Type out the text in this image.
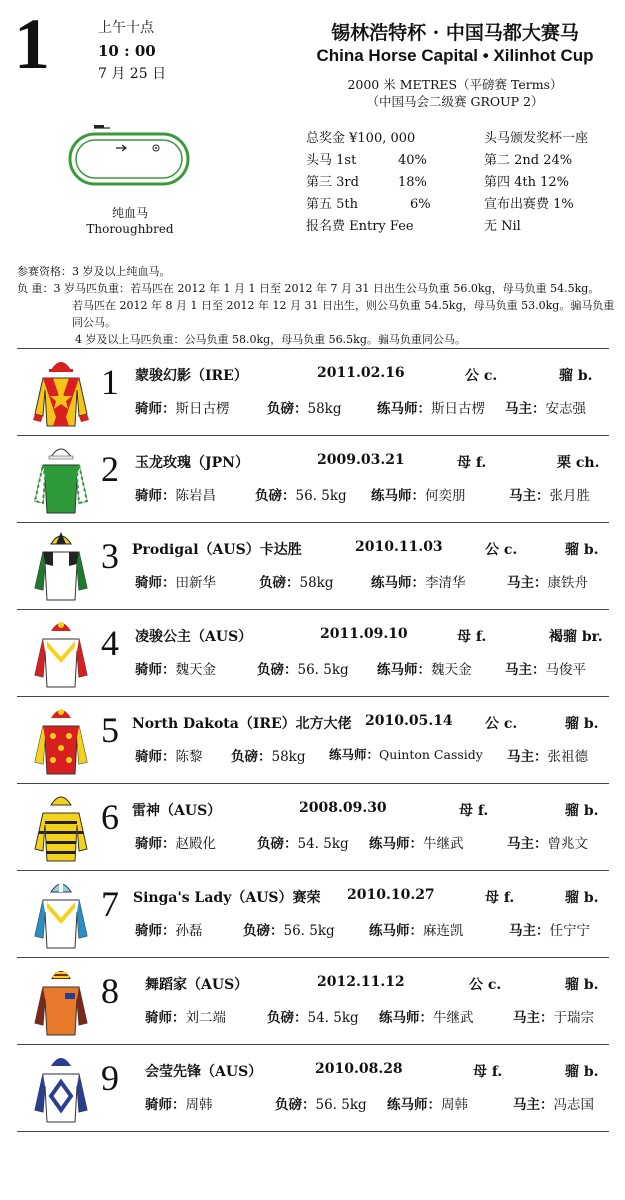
1	上午十点
10 : 00
7 月 25 日
锡林浩特杯 · 中国马都大赛马
China Horse Capital • Xilinhot Cup
2000 米 METRES（平磅赛 Terms）
（中国马会二级赛 GROUP 2）
纯血马
Thoroughbred
总奖金 ¥100, 000
头马 1st	40%
第三 3rd	18%
第五 5th	6%
报名费 Entry Fee
头马颁发奖杯一座
第二 2nd 24%
第四 4th 12%
宣布出赛费 1%
无 Nil
参赛资格：3 岁及以上纯血马。
负 重：3 岁马匹负重：若马匹在 2012 年 1 月 1 日至 2012 年 7 月 31 日出生公马负重 56.0kg，母马负重 54.5kg。
若马匹在 2012 年 8 月 1 日至 2012 年 12 月 31 日出生，则公马负重 54.5kg，母马负重 53.0kg。骟马负重同公马。
4 岁及以上马匹负重：公马负重 58.0kg，母马负重 56.5kg。骟马负重同公马。
1 蒙骏幻影（IRE）	2011.02.16	公 c.	骝 b.
骑师：斯日古楞	负磅：58kg	练马师：斯日古楞 马主：安志强
2 玉龙玫瑰（JPN）	2009.03.21	母 f.	栗 ch.
骑师：陈岩昌	负磅：56. 5kg 练马师：何奕朋	马主：张月胜
3 Prodigal（AUS）卡达胜	2010.11.03	公 c.	骝 b.
骑师：田新华	负磅：58kg	练马师：李清华	马主：康铁舟
4 凌骏公主（AUS）	2011.09.10	母 f.	褐骝 br.
骑师：魏天金	负磅：56. 5kg 练马师：魏天金 马主：马俊平
5 North Dakota（IRE）北方大佬 2010.05.14 公 c.	骝 b.
骑师：陈黎 负磅：58kg 练马师：Quinton Cassidy 马主：张祖德
6 雷神（AUS）	2008.09.30	母 f.	骝 b.
骑师：赵殿化	负磅：54. 5kg 练马师：牛继武	马主：曾兆文
7 Singa's Lady（AUS）赛荣 2010.10.27	母 f.	骝 b.
骑师：孙磊	负磅：56. 5kg	练马师：麻连凯	马主：任宁宁
8 舞蹈家（AUS）	2012.11.12	公 c.	骝 b.
骑师：刘二端	负磅：54. 5kg 练马师：牛继武	马主：于瑞宗
9 会莹先锋（AUS）	2010.08.28	母 f.	骝 b.
骑师：周韩	负磅：56. 5kg 练马师：周韩	马主：冯志国
